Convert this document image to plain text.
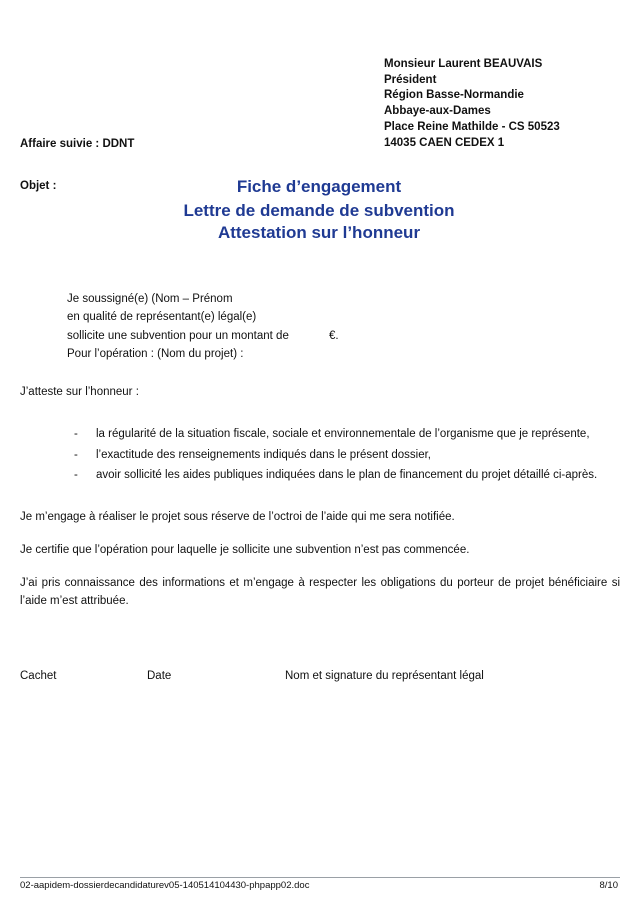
Monsieur Laurent BEAUVAIS
Président
Région Basse-Normandie
Abbaye-aux-Dames
Place Reine Mathilde - CS 50523
14035 CAEN CEDEX 1
Affaire suivie : DDNT
Objet :	Fiche d’engagement
Lettre de demande de subvention
Attestation sur l’honneur
Je soussigné(e) (Nom – Prénom
en qualité de représentant(e) légal(e)
sollicite une subvention pour un montant de	€.
Pour l’opération : (Nom du projet) :
J’atteste sur l’honneur :
- la régularité de la situation fiscale, sociale et environnementale de l’organisme que je représente,
- l’exactitude des renseignements indiqués dans le présent dossier,
- avoir sollicité les aides publiques indiquées dans le plan de financement du projet détaillé ci-après.
Je m’engage à réaliser le projet sous réserve de l’octroi de l’aide qui me sera notifiée.
Je certifie que l’opération pour laquelle je sollicite une subvention n’est pas commencée.
J’ai pris connaissance des informations et m’engage à respecter les obligations du porteur de projet bénéficiaire si l’aide m’est attribuée.
Cachet	Date	Nom et signature du représentant légal
02-aapidem-dossierdecandidaturev05-140514104430-phpapp02.doc	8/10
